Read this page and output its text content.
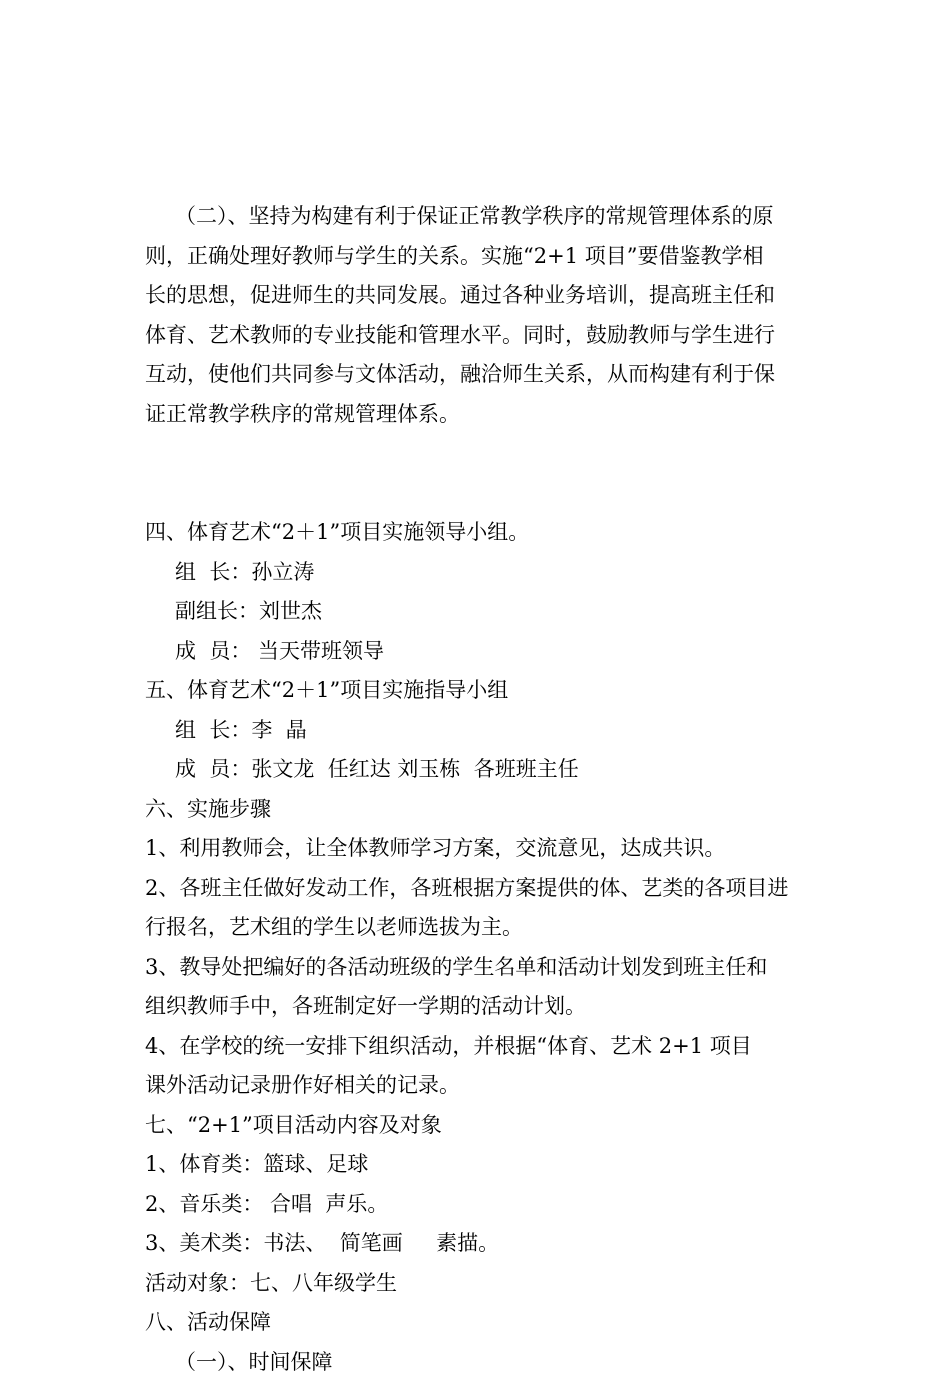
（二）、坚持为构建有利于保证正常教学秩序的常规管理体系的原
则，正确处理好教师与学生的关系。实施“2+1 项目”要借鉴教学相
长的思想，促进师生的共同发展。通过各种业务培训，提高班主任和
体育、艺术教师的专业技能和管理水平。同时，鼓励教师与学生进行
互动，使他们共同参与文体活动，融洽师生关系，从而构建有利于保
证正常教学秩序的常规管理体系。

四、体育艺术“2＋1”项目实施领导小组。
组  长：孙立涛
副组长：刘世杰
成  员： 当天带班领导
五、体育艺术“2＋1”项目实施指导小组
组  长：李  晶
成  员：张文龙  任红达 刘玉栋  各班班主任
六、实施步骤
1、利用教师会，让全体教师学习方案，交流意见，达成共识。
2、各班主任做好发动工作，各班根据方案提供的体、艺类的各项目进
行报名，艺术组的学生以老师选拔为主。
3、教导处把编好的各活动班级的学生名单和活动计划发到班主任和
组织教师手中，各班制定好一学期的活动计划。
4、在学校的统一安排下组织活动，并根据“体育、艺术 2+1 项目
课外活动记录册作好相关的记录。
七、“2+1”项目活动内容及对象
1、体育类：篮球、足球
2、音乐类： 合唱  声乐。
3、美术类：书法、  简笔画     素描。
活动对象：七、八年级学生
八、活动保障
（一）、时间保障
